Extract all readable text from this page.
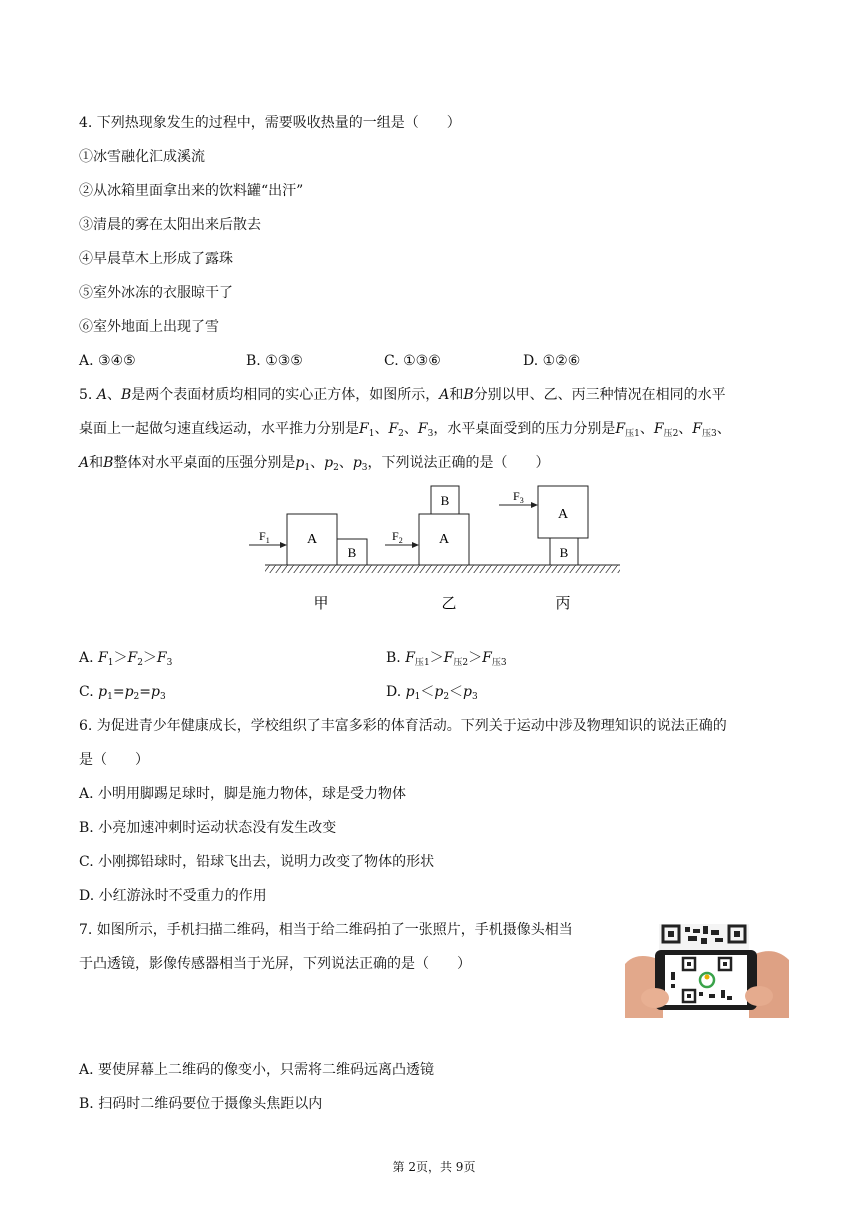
4. 下列热现象发生的过程中，需要吸收热量的一组是（　　）
①冰雪融化汇成溪流
②从冰箱里面拿出来的饮料罐“出汗”
③清晨的雾在太阳出来后散去
④早晨草木上形成了露珠
⑤室外冰冻的衣服晾干了
⑥室外地面上出现了雪
A. ③④⑤	B. ①③⑤	C. ①③⑥	D. ①②⑥
5. A、B是两个表面材质均相同的实心正方体，如图所示，A和B分别以甲、乙、丙三种情况在相同的水平
桌面上一起做匀速直线运动，水平推力分别是$F_1$、$F_2$、$F_3$，水平桌面受到的压力分别是$F_{压1}$、$F_{压2}$、$F_{压3}$、
A和B整体对水平桌面的压强分别是$p_1$、$p_2$、$p_3$，下列说法正确的是（　　）
A
B
$F_1$	A
B
$F_2$
A
B
$F_3$
甲	乙	丙
A. $F_1>F_2>F_3$	B. $F_{压1}>F_{压2}>F_{压3}$
C. $p_1=p_2=p_3$	D. $p_1<p_2<p_3$
6. 为促进青少年健康成长，学校组织了丰富多彩的体育活动。下列关于运动中涉及物理知识的说法正确的
是（　　）
A. 小明用脚踢足球时，脚是施力物体，球是受力物体
B. 小亮加速冲刺时运动状态没有发生改变
C. 小刚掷铅球时，铅球飞出去，说明力改变了物体的形状
D. 小红游泳时不受重力的作用
7. 如图所示，手机扫描二维码，相当于给二维码拍了一张照片，手机摄像头相当
于凸透镜，影像传感器相当于光屏，下列说法正确的是（　　）
A. 要使屏幕上二维码的像变小，只需将二维码远离凸透镜
B. 扫码时二维码要位于摄像头焦距以内
第 2页，共 9页
